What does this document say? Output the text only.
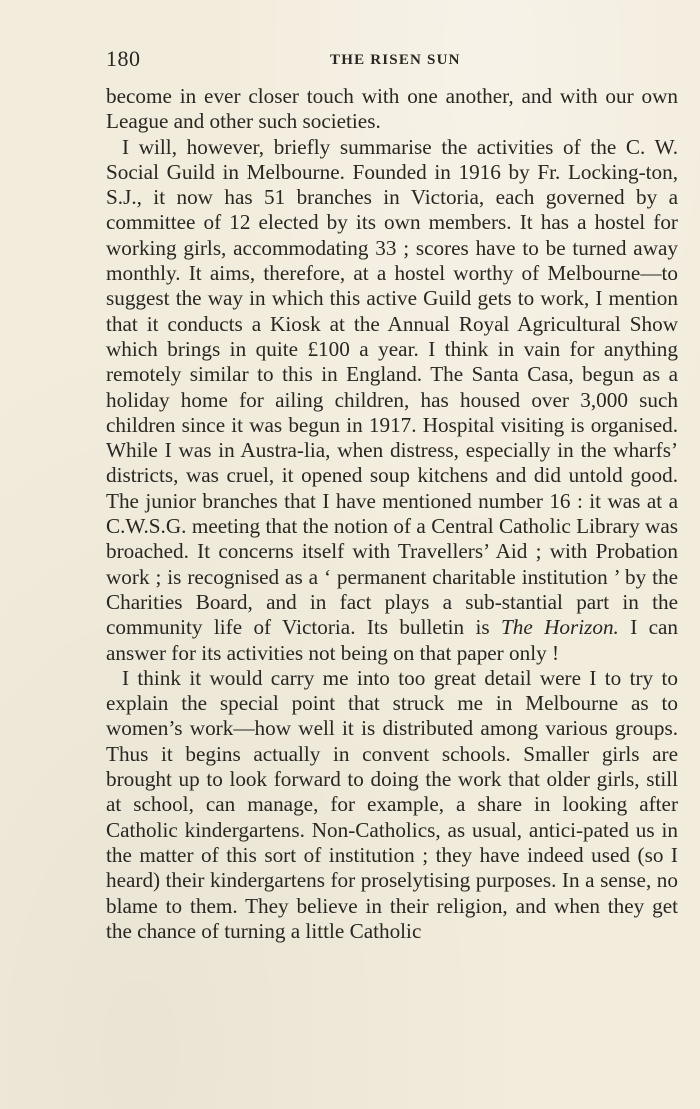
180	THE RISEN SUN

become in ever closer touch with one another, and with our own League and other such societies.

I will, however, briefly summarise the activities of the C. W. Social Guild in Melbourne. Founded in 1916 by Fr. Locking-ton, S.J., it now has 51 branches in Victoria, each governed by a committee of 12 elected by its own members. It has a hostel for working girls, accommodating 33 ; scores have to be turned away monthly. It aims, therefore, at a hostel worthy of Melbourne—to suggest the way in which this active Guild gets to work, I mention that it conducts a Kiosk at the Annual Royal Agricultural Show which brings in quite £100 a year. I think in vain for anything remotely similar to this in England. The Santa Casa, begun as a holiday home for ailing children, has housed over 3,000 such children since it was begun in 1917. Hospital visiting is organised. While I was in Austra-lia, when distress, especially in the wharfs’ districts, was cruel, it opened soup kitchens and did untold good. The junior branches that I have mentioned number 16 : it was at a C.W.S.G. meeting that the notion of a Central Catholic Library was broached. It concerns itself with Travellers’ Aid ; with Probation work ; is recognised as a ‘ permanent charitable institution ’ by the Charities Board, and in fact plays a sub-stantial part in the community life of Victoria. Its bulletin is The Horizon. I can answer for its activities not being on that paper only !

I think it would carry me into too great detail were I to try to explain the special point that struck me in Melbourne as to women’s work—how well it is distributed among various groups. Thus it begins actually in convent schools. Smaller girls are brought up to look forward to doing the work that older girls, still at school, can manage, for example, a share in looking after Catholic kindergartens. Non-Catholics, as usual, antici-pated us in the matter of this sort of institution ; they have indeed used (so I heard) their kindergartens for proselytising purposes. In a sense, no blame to them. They believe in their religion, and when they get the chance of turning a little Catholic
